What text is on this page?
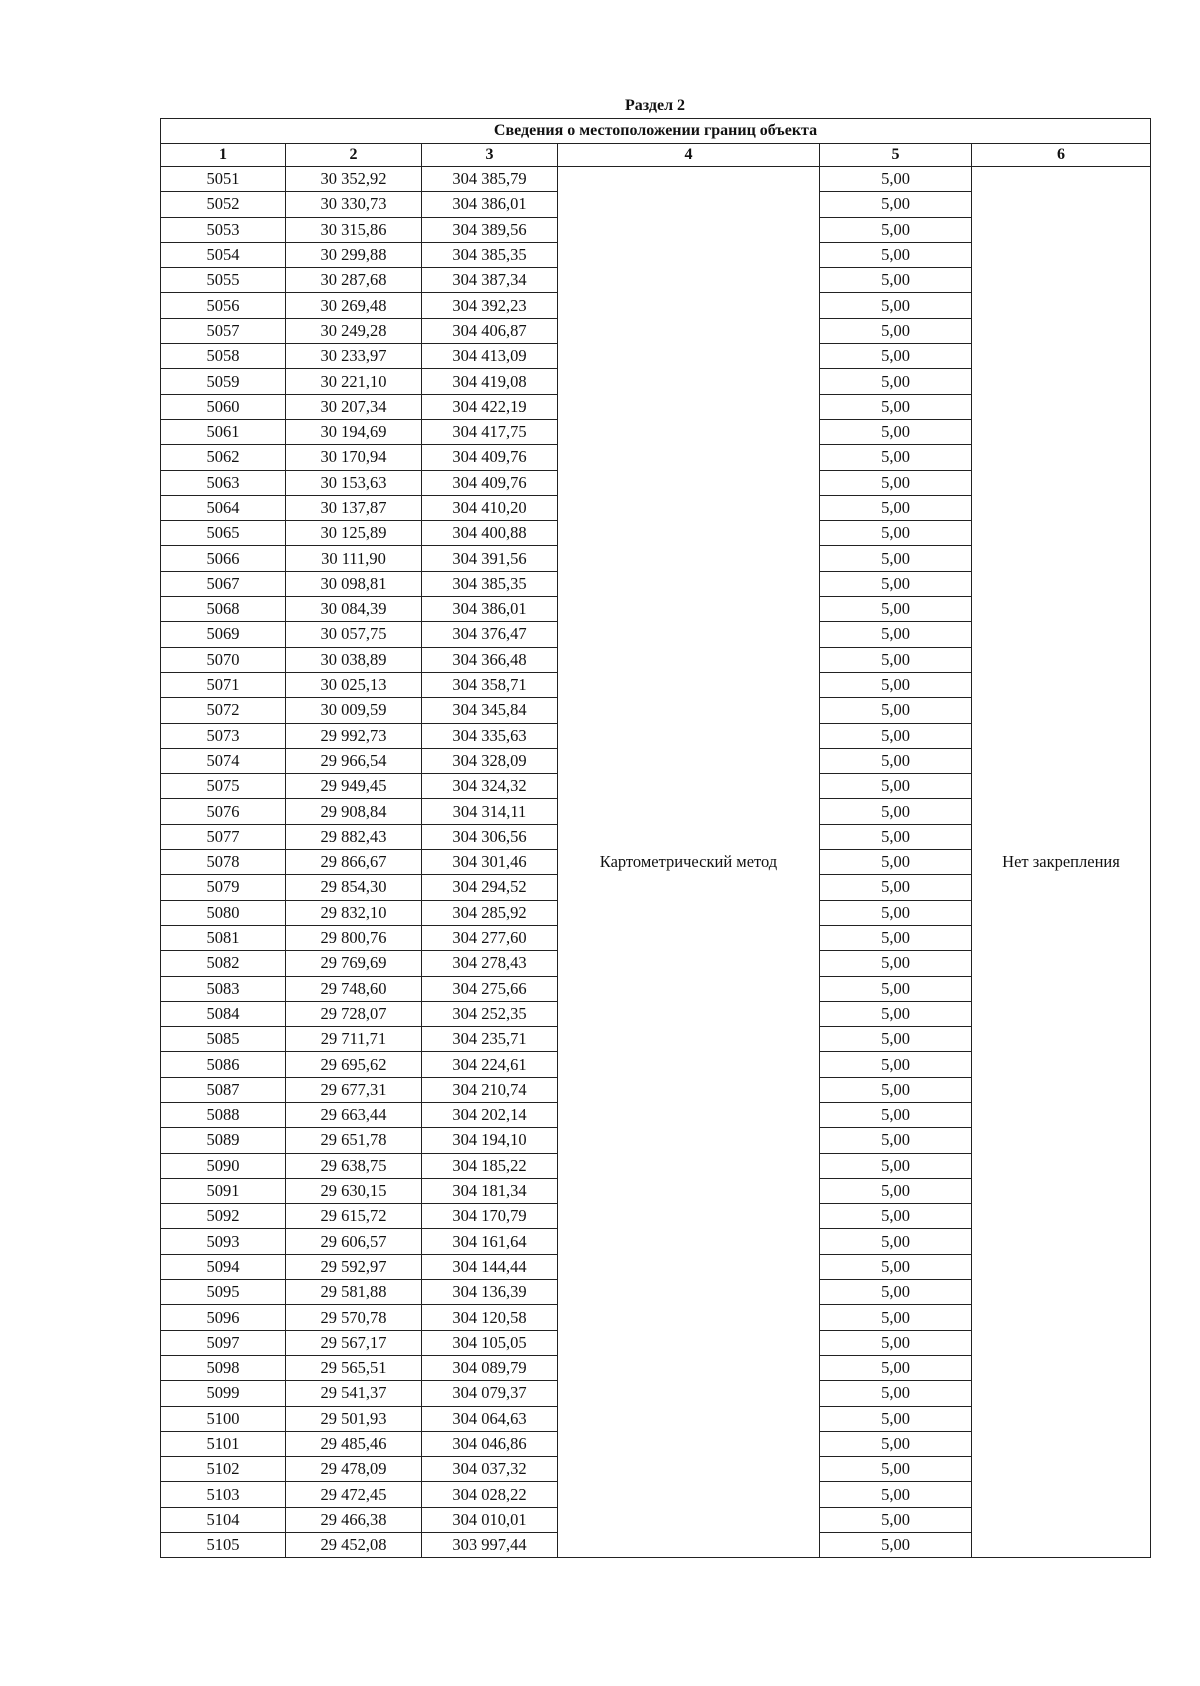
Раздел 2
Сведения о местоположении границ объекта					
1	2	3	4	5	6
5051	30 352,92	304 385,79	Картометрический метод	5,00	Нет закрепления
5052	30 330,73	304 386,01		5,00	
5053	30 315,86	304 389,56		5,00	
5054	30 299,88	304 385,35		5,00	
5055	30 287,68	304 387,34		5,00	
5056	30 269,48	304 392,23		5,00	
5057	30 249,28	304 406,87		5,00	
5058	30 233,97	304 413,09		5,00	
5059	30 221,10	304 419,08		5,00	
5060	30 207,34	304 422,19		5,00	
5061	30 194,69	304 417,75		5,00	
5062	30 170,94	304 409,76		5,00	
5063	30 153,63	304 409,76		5,00	
5064	30 137,87	304 410,20		5,00	
5065	30 125,89	304 400,88		5,00	
5066	30 111,90	304 391,56		5,00	
5067	30 098,81	304 385,35		5,00	
5068	30 084,39	304 386,01		5,00	
5069	30 057,75	304 376,47		5,00	
5070	30 038,89	304 366,48		5,00	
5071	30 025,13	304 358,71		5,00	
5072	30 009,59	304 345,84		5,00	
5073	29 992,73	304 335,63		5,00	
5074	29 966,54	304 328,09		5,00	
5075	29 949,45	304 324,32		5,00	
5076	29 908,84	304 314,11		5,00	
5077	29 882,43	304 306,56		5,00	
5078	29 866,67	304 301,46		5,00	
5079	29 854,30	304 294,52		5,00	
5080	29 832,10	304 285,92		5,00	
5081	29 800,76	304 277,60		5,00	
5082	29 769,69	304 278,43		5,00	
5083	29 748,60	304 275,66		5,00	
5084	29 728,07	304 252,35		5,00	
5085	29 711,71	304 235,71		5,00	
5086	29 695,62	304 224,61		5,00	
5087	29 677,31	304 210,74		5,00	
5088	29 663,44	304 202,14		5,00	
5089	29 651,78	304 194,10		5,00	
5090	29 638,75	304 185,22		5,00	
5091	29 630,15	304 181,34		5,00	
5092	29 615,72	304 170,79		5,00	
5093	29 606,57	304 161,64		5,00	
5094	29 592,97	304 144,44		5,00	
5095	29 581,88	304 136,39		5,00	
5096	29 570,78	304 120,58		5,00	
5097	29 567,17	304 105,05		5,00	
5098	29 565,51	304 089,79		5,00	
5099	29 541,37	304 079,37		5,00	
5100	29 501,93	304 064,63		5,00	
5101	29 485,46	304 046,86		5,00	
5102	29 478,09	304 037,32		5,00	
5103	29 472,45	304 028,22		5,00	
5104	29 466,38	304 010,01		5,00	
5105	29 452,08	303 997,44		5,00	
